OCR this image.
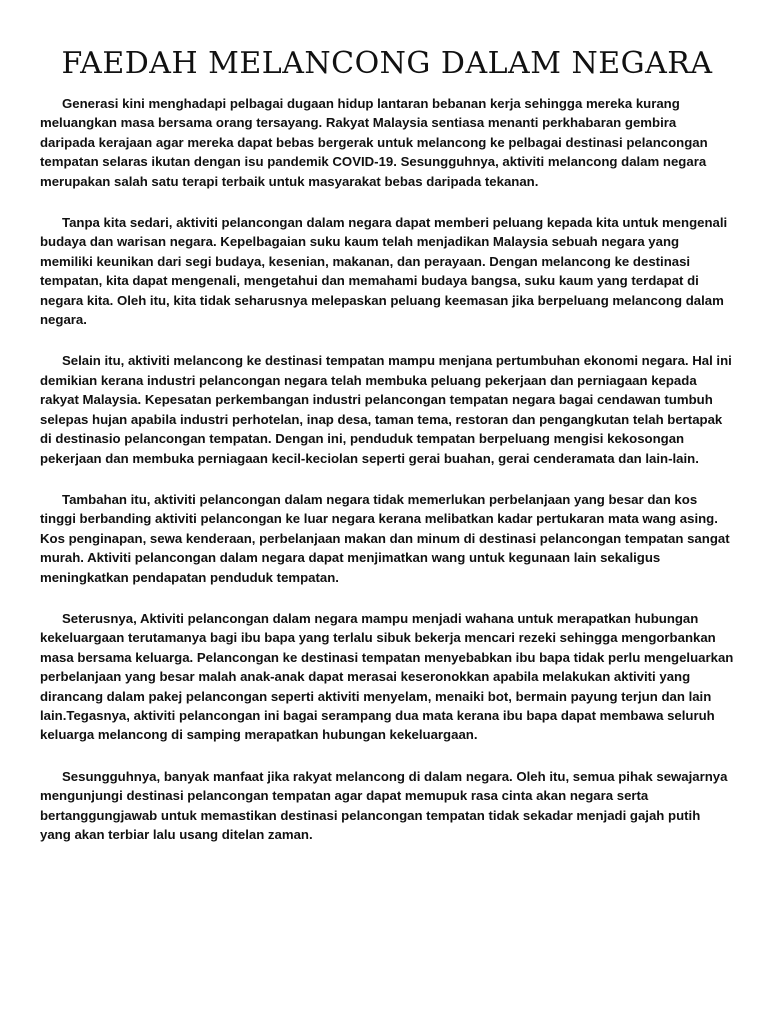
FAEDAH MELANCONG DALAM NEGARA

Generasi kini menghadapi pelbagai dugaan hidup lantaran bebanan kerja sehingga mereka kurang meluangkan masa bersama orang tersayang. Rakyat Malaysia sentiasa menanti perkhabaran gembira daripada kerajaan agar mereka dapat bebas bergerak untuk melancong ke pelbagai destinasi pelancongan tempatan selaras ikutan dengan isu pandemik COVID-19. Sesungguhnya, aktiviti melancong dalam negara merupakan salah satu terapi terbaik untuk masyarakat bebas daripada tekanan.

Tanpa kita sedari, aktiviti pelancongan dalam negara dapat memberi peluang kepada kita untuk mengenali budaya dan warisan negara. Kepelbagaian suku kaum telah menjadikan Malaysia sebuah negara yang memiliki keunikan dari segi budaya, kesenian, makanan, dan perayaan. Dengan melancong ke destinasi tempatan, kita dapat mengenali, mengetahui dan memahami budaya bangsa, suku kaum yang terdapat di negara kita. Oleh itu, kita tidak seharusnya melepaskan peluang keemasan jika berpeluang melancong dalam negara.

Selain itu, aktiviti melancong ke destinasi tempatan mampu menjana pertumbuhan ekonomi negara. Hal ini demikian kerana industri pelancongan negara telah membuka peluang pekerjaan dan perniagaan kepada rakyat Malaysia. Kepesatan perkembangan industri pelancongan tempatan negara bagai cendawan tumbuh selepas hujan apabila industri perhotelan, inap desa, taman tema, restoran dan pengangkutan telah bertapak di destinasio pelancongan tempatan. Dengan ini, penduduk tempatan berpeluang mengisi kekosongan pekerjaan dan membuka perniagaan kecil-keciolan seperti gerai buahan, gerai cenderamata dan lain-lain.

Tambahan itu, aktiviti pelancongan dalam negara tidak memerlukan perbelanjaan yang besar dan kos tinggi berbanding aktiviti pelancongan ke luar negara kerana melibatkan kadar pertukaran mata wang asing. Kos penginapan, sewa kenderaan, perbelanjaan makan dan minum di destinasi pelancongan tempatan sangat murah. Aktiviti pelancongan dalam negara dapat menjimatkan wang untuk kegunaan lain sekaligus meningkatkan pendapatan penduduk tempatan.

Seterusnya, Aktiviti pelancongan dalam negara mampu menjadi wahana untuk merapatkan hubungan kekeluargaan terutamanya bagi ibu bapa yang terlalu sibuk bekerja mencari rezeki sehingga mengorbankan masa bersama keluarga. Pelancongan ke destinasi tempatan menyebabkan ibu bapa tidak perlu mengeluarkan perbelanjaan yang besar malah anak-anak dapat merasai keseronokkan apabila melakukan aktiviti yang dirancang dalam pakej pelancongan seperti aktiviti menyelam, menaiki bot, bermain payung terjun dan lain lain.Tegasnya, aktiviti pelancongan ini bagai serampang dua mata kerana ibu bapa dapat membawa seluruh keluarga melancong di samping merapatkan hubungan kekeluargaan.

Sesungguhnya, banyak manfaat jika rakyat melancong di dalam negara. Oleh itu, semua pihak sewajarnya mengunjungi destinasi pelancongan tempatan agar dapat memupuk rasa cinta akan negara serta bertanggungjawab untuk memastikan destinasi pelancongan tempatan tidak sekadar menjadi gajah putih yang akan terbiar lalu usang ditelan zaman.
